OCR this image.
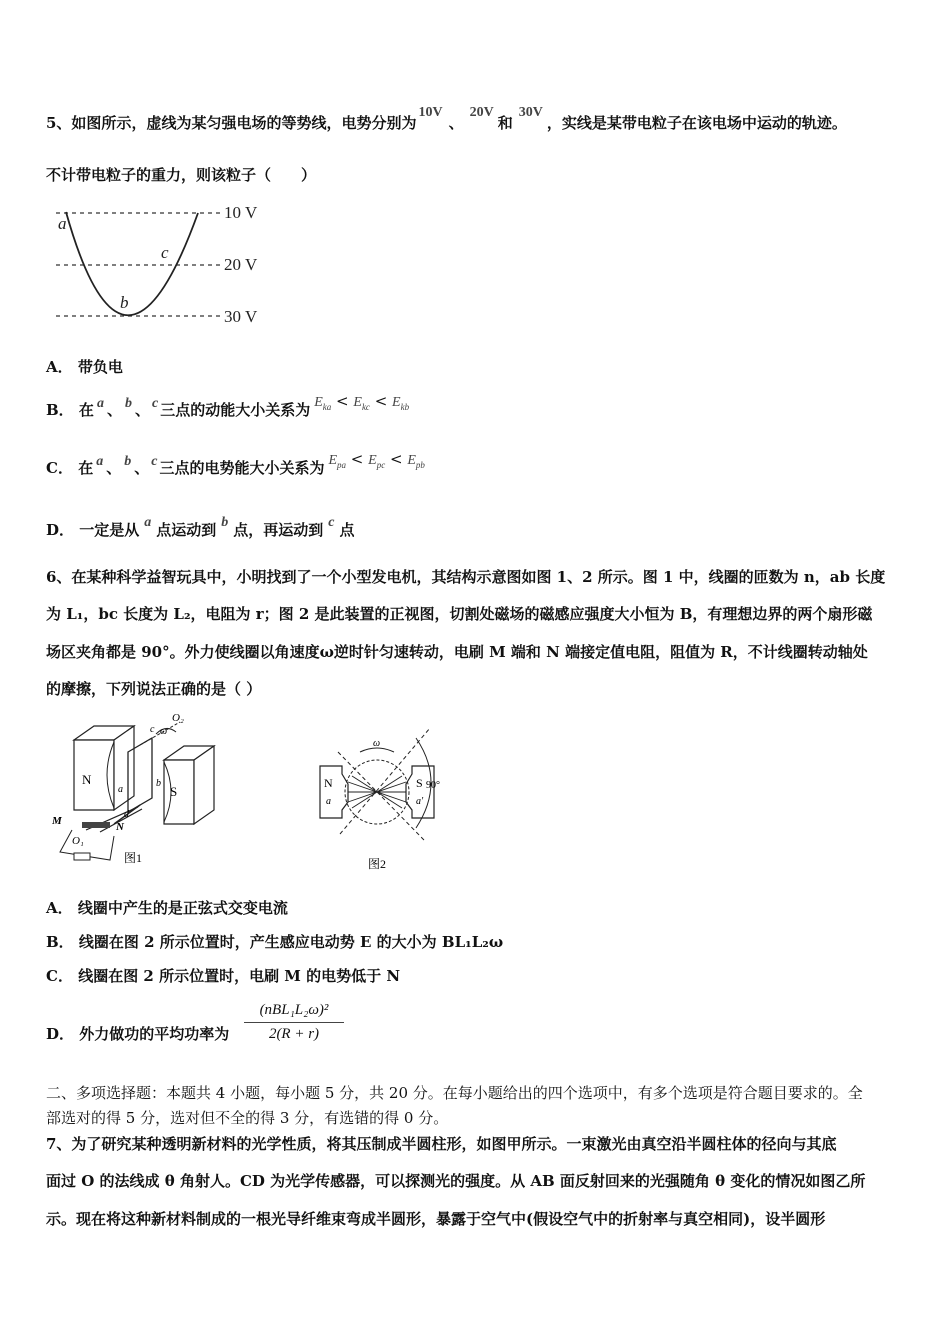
5、如图所示，虚线为某匀强电场的等势线，电势分别为10V、20V和30V，实线是某带电粒子在该电场中运动的轨迹。
不计带电粒子的重力，则该粒子（　　）
10 V
20 V
30 V
a
b
c
A． 带负电
B． 在 a 、 b 、 c 三点的动能大小关系为 $E_{ka} < E_{kc} < E_{kb}$
C． 在 a 、 b 、 c 三点的电势能大小关系为 $E_{pa} < E_{pc} < E_{pb}$
D． 一定是从 a 点运动到 b 点，再运动到 c 点
6、在某种科学益智玩具中，小明找到了一个小型发电机，其结构示意图如图 1、2 所示。图 1 中，线圈的匝数为 n，ab 长度
为 L₁，bc 长度为 L₂，电阻为 r；图 2 是此装置的正视图，切割处磁场的磁感应强度大小恒为 B，有理想边界的两个扇形磁
场区夹角都是 90°。外力使线圈以角速度ω逆时针匀速转动，电刷 M 端和 N 端接定值电阻，阻值为 R，不计线圈转动轴处
的摩擦，下列说法正确的是（ ）
N
S
M	N
a
b
c
d
O₁
O₂
ω
图1
N	S
a	a'
90°
ω
图2
A． 线圈中产生的是正弦式交变电流
B． 线圈在图 2 所示位置时，产生感应电动势 E 的大小为 BL₁L₂ω
C． 线圈在图 2 所示位置时，电刷 M 的电势低于 N
D． 外力做功的平均功率为
(nBL₁L₂ω)²
2(R + r)
二、多项选择题：本题共 4 小题，每小题 5 分，共 20 分。在每小题给出的四个选项中，有多个选项是符合题目要求的。全
部选对的得 5 分，选对但不全的得 3 分，有选错的得 0 分。
7、为了研究某种透明新材料的光学性质，将其压制成半圆柱形，如图甲所示。一束激光由真空沿半圆柱体的径向与其底
面过 O 的法线成 θ 角射人。CD 为光学传感器，可以探测光的强度。从 AB 面反射回来的光强随角 θ 变化的情况如图乙所
示。现在将这种新材料制成的一根光导纤维束弯成半圆形，暴露于空气中(假设空气中的折射率与真空相同)，设半圆形
